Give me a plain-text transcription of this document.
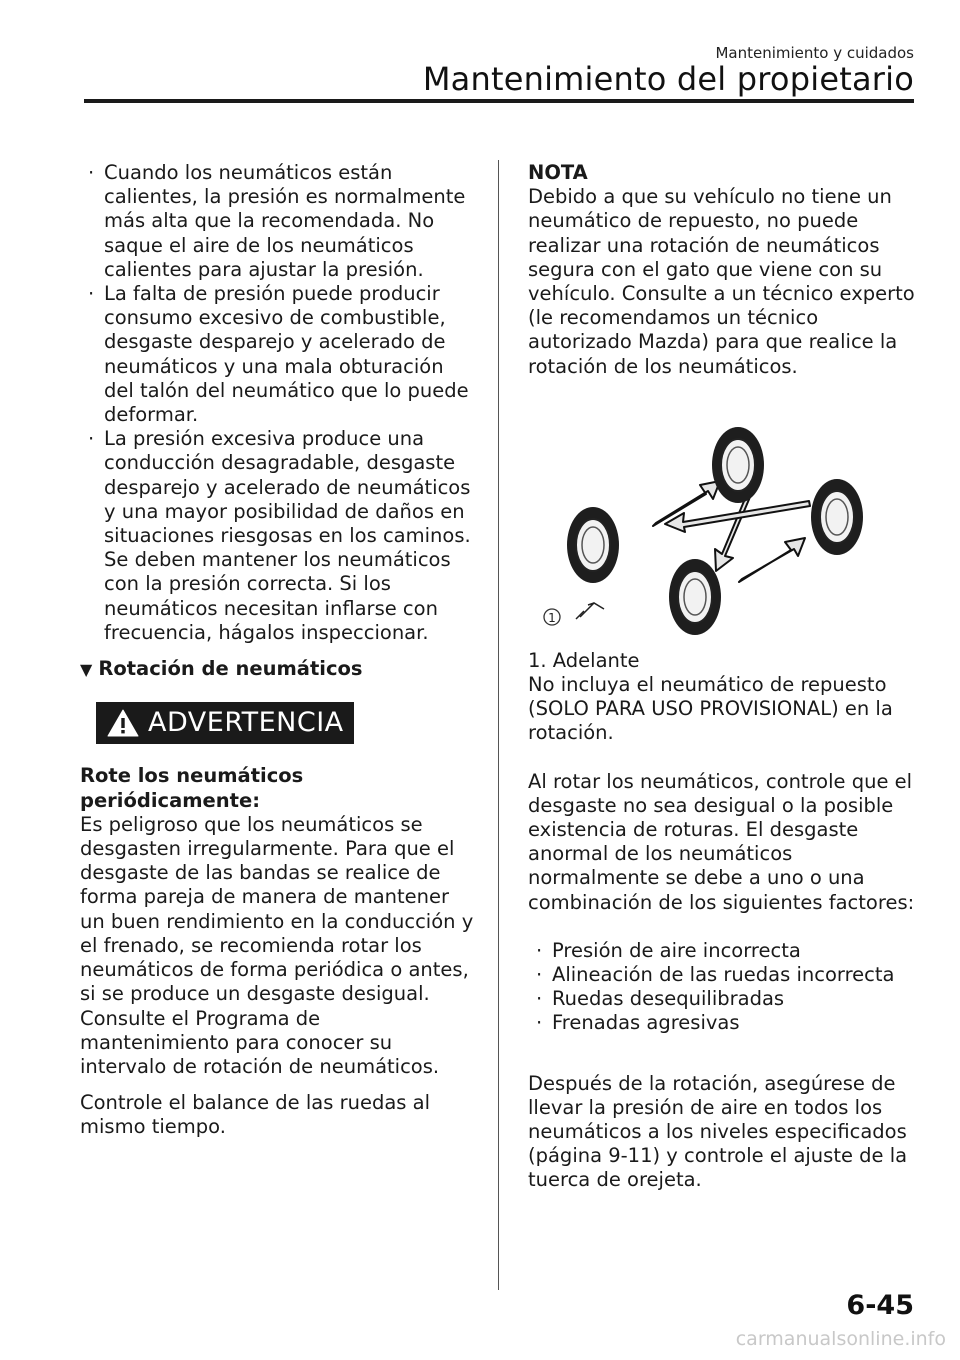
Mantenimiento y cuidados
Mantenimiento del propietario
· Cuando los neumáticos están calientes, la presión es normalmente más alta que la recomendada. No saque el aire de los neumáticos calientes para ajustar la presión.
· La falta de presión puede producir consumo excesivo de combustible, desgaste desparejo y acelerado de neumáticos y una mala obturación del talón del neumático que lo puede deformar.
· La presión excesiva produce una conducción desagradable, desgaste desparejo y acelerado de neumáticos y una mayor posibilidad de daños en situaciones riesgosas en los caminos.
Se deben mantener los neumáticos con la presión correcta. Si los neumáticos necesitan inflarse con frecuencia, hágalos inspeccionar.
▼ Rotación de neumáticos
ADVERTENCIA
Rote los neumáticos periódicamente:
Es peligroso que los neumáticos se desgasten irregularmente. Para que el desgaste de las bandas se realice de forma pareja de manera de mantener un buen rendimiento en la conducción y el frenado, se recomienda rotar los neumáticos de forma periódica o antes, si se produce un desgaste desigual.
Consulte el Programa de mantenimiento para conocer su intervalo de rotación de neumáticos.
Controle el balance de las ruedas al mismo tiempo.
NOTA
Debido a que su vehículo no tiene un neumático de repuesto, no puede realizar una rotación de neumáticos segura con el gato que viene con su vehículo. Consulte a un técnico experto (le recomendamos un técnico autorizado Mazda) para que realice la rotación de los neumáticos.
1
1. Adelante
No incluya el neumático de repuesto (SOLO PARA USO PROVISIONAL) en la rotación.
Al rotar los neumáticos, controle que el desgaste no sea desigual o la posible existencia de roturas. El desgaste anormal de los neumáticos normalmente se debe a uno o una combinación de los siguientes factores:
· Presión de aire incorrecta
· Alineación de las ruedas incorrecta
· Ruedas desequilibradas
· Frenadas agresivas
Después de la rotación, asegúrese de llevar la presión de aire en todos los neumáticos a los niveles especificados (página 9-11) y controle el ajuste de la tuerca de orejeta.
6-45
carmanualsonline.info
